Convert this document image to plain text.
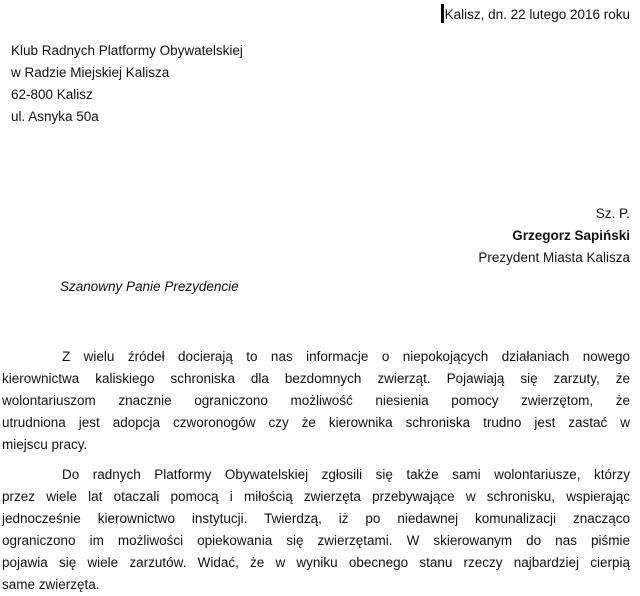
Kalisz, dn. 22 lutego 2016 roku
Klub Radnych Platformy Obywatelskiej
w Radzie Miejskiej Kalisza
62-800 Kalisz
ul. Asnyka 50a
Sz. P.
Grzegorz Sapiński
Prezydent Miasta Kalisza
Szanowny Panie Prezydencie
Z wielu źródeł docierają to nas informacje o niepokojących działaniach nowego
kierownictwa kaliskiego schroniska dla bezdomnych zwierząt. Pojawiają się zarzuty, że
wolontariuszom znacznie ograniczono możliwość niesienia pomocy zwierzętom, że
utrudniona jest adopcja czworonogów czy że kierownika schroniska trudno jest zastać w
miejscu pracy.
Do radnych Platformy Obywatelskiej zgłosili się także sami wolontariusze, którzy
przez wiele lat otaczali pomocą i miłością zwierzęta przebywające w schronisku, wspierając
jednocześnie kierownictwo instytucji. Twierdzą, iż po niedawnej komunalizacji znacząco
ograniczono im możliwości opiekowania się zwierzętami. W skierowanym do nas piśmie
pojawia się wiele zarzutów. Widać, że w wyniku obecnego stanu rzeczy najbardziej cierpią
same zwierzęta.
